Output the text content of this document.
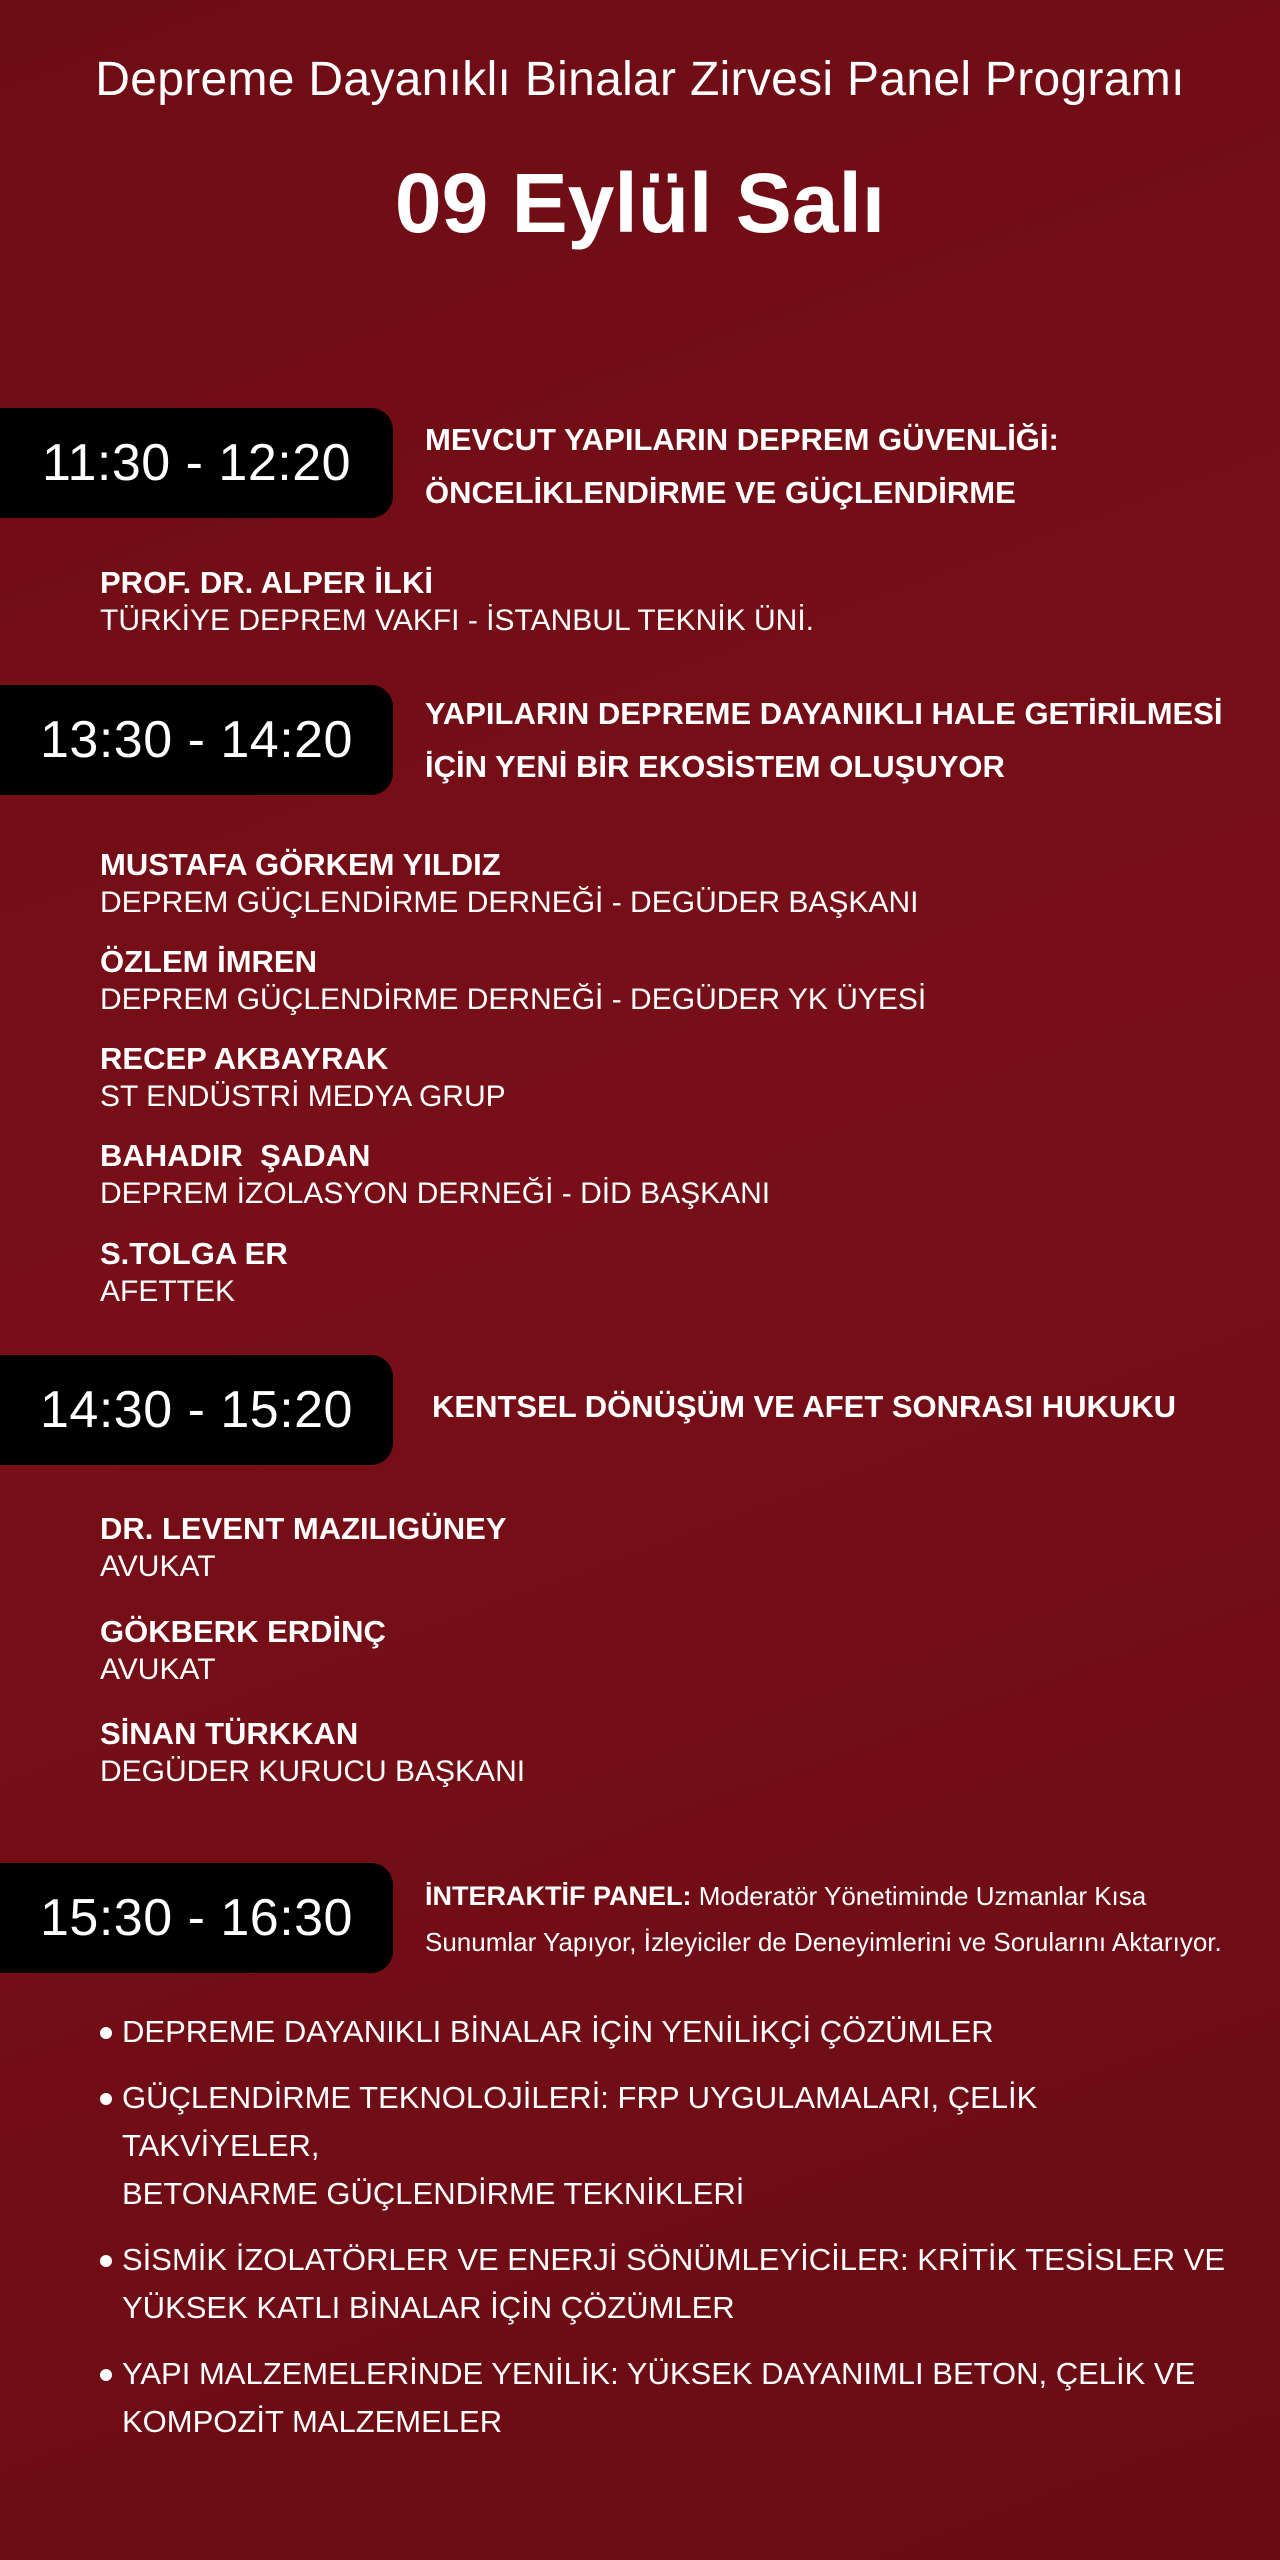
Depreme Dayanıklı Binalar Zirvesi Panel Programı
09 Eylül Salı
11:30 - 12:20	MEVCUT YAPILARIN DEPREM GÜVENLİĞİ:
ÖNCELİKLENDİRME VE GÜÇLENDİRME
PROF. DR. ALPER İLKİ
TÜRKİYE DEPREM VAKFI - İSTANBUL TEKNİK ÜNİ.
13:30 - 14:20	YAPILARIN DEPREME DAYANIKLI HALE GETİRİLMESİ
İÇİN YENİ BİR EKOSİSTEM OLUŞUYOR
MUSTAFA GÖRKEM YILDIZ
DEPREM GÜÇLENDİRME DERNEĞİ - DEGÜDER BAŞKANI
ÖZLEM İMREN
DEPREM GÜÇLENDİRME DERNEĞİ - DEGÜDER YK ÜYESİ
RECEP AKBAYRAK
ST ENDÜSTRİ MEDYA GRUP
BAHADIR  ŞADAN
DEPREM İZOLASYON DERNEĞİ - DİD BAŞKANI
S.TOLGA ER
AFETTEK
14:30 - 15:20	KENTSEL DÖNÜŞÜM VE AFET SONRASI HUKUKU
DR. LEVENT MAZILIGÜNEY
AVUKAT
GÖKBERK ERDİNÇ
AVUKAT
SİNAN TÜRKKAN
DEGÜDER KURUCU BAŞKANI
15:30 - 16:30	İNTERAKTİF PANEL: Moderatör Yönetiminde Uzmanlar Kısa
Sunumlar Yapıyor, İzleyiciler de Deneyimlerini ve Sorularını Aktarıyor.
DEPREME DAYANIKLI BİNALAR İÇİN YENİLİKÇİ ÇÖZÜMLER
GÜÇLENDİRME TEKNOLOJİLERİ: FRP UYGULAMALARI, ÇELİK TAKVİYELER,
BETONARME GÜÇLENDİRME TEKNİKLERİ
SİSMİK İZOLATÖRLER VE ENERJİ SÖNÜMLEYİCİLER: KRİTİK TESİSLER VE
YÜKSEK KATLI BİNALAR İÇİN ÇÖZÜMLER
YAPI MALZEMELERİNDE YENİLİK: YÜKSEK DAYANIMLI BETON, ÇELİK VE
KOMPOZİT MALZEMELER
